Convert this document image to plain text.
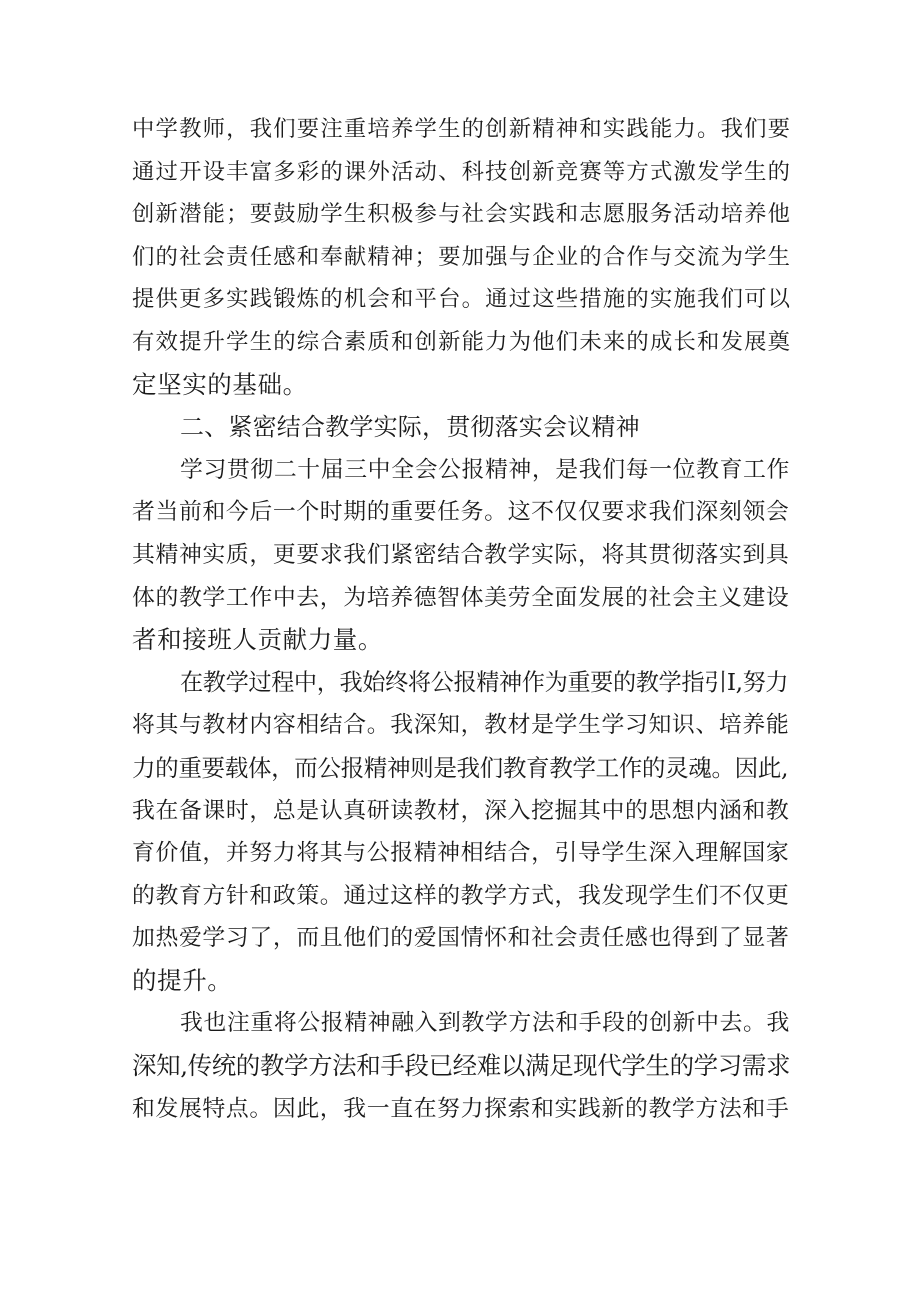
中学教师，我们要注重培养学生的创新精神和实践能力。我们要
通过开设丰富多彩的课外活动、科技创新竞赛等方式激发学生的
创新潜能；要鼓励学生积极参与社会实践和志愿服务活动培养他
们的社会责任感和奉献精神；要加强与企业的合作与交流为学生
提供更多实践锻炼的机会和平台。通过这些措施的实施我们可以
有效提升学生的综合素质和创新能力为他们未来的成长和发展奠
定坚实的基础。
二、紧密结合教学实际，贯彻落实会议精神
学习贯彻二十届三中全会公报精神，是我们每一位教育工作
者当前和今后一个时期的重要任务。这不仅仅要求我们深刻领会
其精神实质，更要求我们紧密结合教学实际，将其贯彻落实到具
体的教学工作中去，为培养德智体美劳全面发展的社会主义建设
者和接班人贡献力量。
在教学过程中，我始终将公报精神作为重要的教学指引I,努力
将其与教材内容相结合。我深知，教材是学生学习知识、培养能
力的重要载体，而公报精神则是我们教育教学工作的灵魂。因此,
我在备课时，总是认真研读教材，深入挖掘其中的思想内涵和教
育价值，并努力将其与公报精神相结合，引导学生深入理解国家
的教育方针和政策。通过这样的教学方式，我发现学生们不仅更
加热爱学习了，而且他们的爱国情怀和社会责任感也得到了显著
的提升。
我也注重将公报精神融入到教学方法和手段的创新中去。我
深知,传统的教学方法和手段已经难以满足现代学生的学习需求
和发展特点。因此，我一直在努力探索和实践新的教学方法和手
